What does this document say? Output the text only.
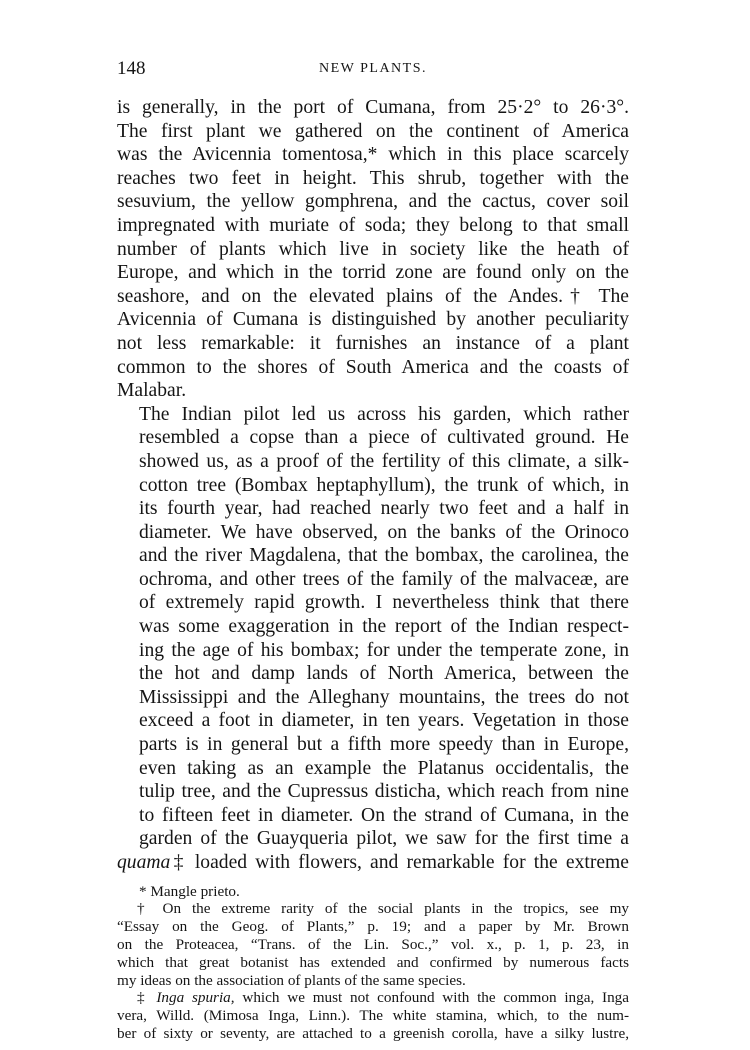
148	NEW PLANTS.

is generally, in the port of Cumana, from 25·2° to 26·3°.
The first plant we gathered on the continent of America
was the Avicennia tomentosa,* which in this place scarcely
reaches two feet in height. This shrub, together with the
sesuvium, the yellow gomphrena, and the cactus, cover soil
impregnated with muriate of soda; they belong to that small
number of plants which live in society like the heath of
Europe, and which in the torrid zone are found only on the
seashore, and on the elevated plains of the Andes.† The
Avicennia of Cumana is distinguished by another peculiarity
not less remarkable: it furnishes an instance of a plant
common to the shores of South America and the coasts of
Malabar.

The Indian pilot led us across his garden, which rather
resembled a copse than a piece of cultivated ground. He
showed us, as a proof of the fertility of this climate, a silk-
cotton tree (Bombax heptaphyllum), the trunk of which, in
its fourth year, had reached nearly two feet and a half in
diameter. We have observed, on the banks of the Orinoco
and the river Magdalena, that the bombax, the carolinea, the
ochroma, and other trees of the family of the malvaceæ, are
of extremely rapid growth. I nevertheless think that there
was some exaggeration in the report of the Indian respect-
ing the age of his bombax; for under the temperate zone, in
the hot and damp lands of North America, between the
Mississippi and the Alleghany mountains, the trees do not
exceed a foot in diameter, in ten years. Vegetation in those
parts is in general but a fifth more speedy than in Europe,
even taking as an example the Platanus occidentalis, the
tulip tree, and the Cupressus disticha, which reach from nine
to fifteen feet in diameter. On the strand of Cumana, in the
garden of the Guayqueria pilot, we saw for the first time a
quama‡ loaded with flowers, and remarkable for the extreme

* Mangle prieto.
† On the extreme rarity of the social plants in the tropics, see my
“Essay on the Geog. of Plants,” p. 19; and a paper by Mr. Brown
on the Proteacea, “Trans. of the Lin. Soc.,” vol. x., p. 1, p. 23, in
which that great botanist has extended and confirmed by numerous facts
my ideas on the association of plants of the same species.
‡ Inga spuria, which we must not confound with the common inga, Inga
vera, Willd. (Mimosa Inga, Linn.). The white stamina, which, to the num-
ber of sixty or seventy, are attached to a greenish corolla, have a silky lustre,
